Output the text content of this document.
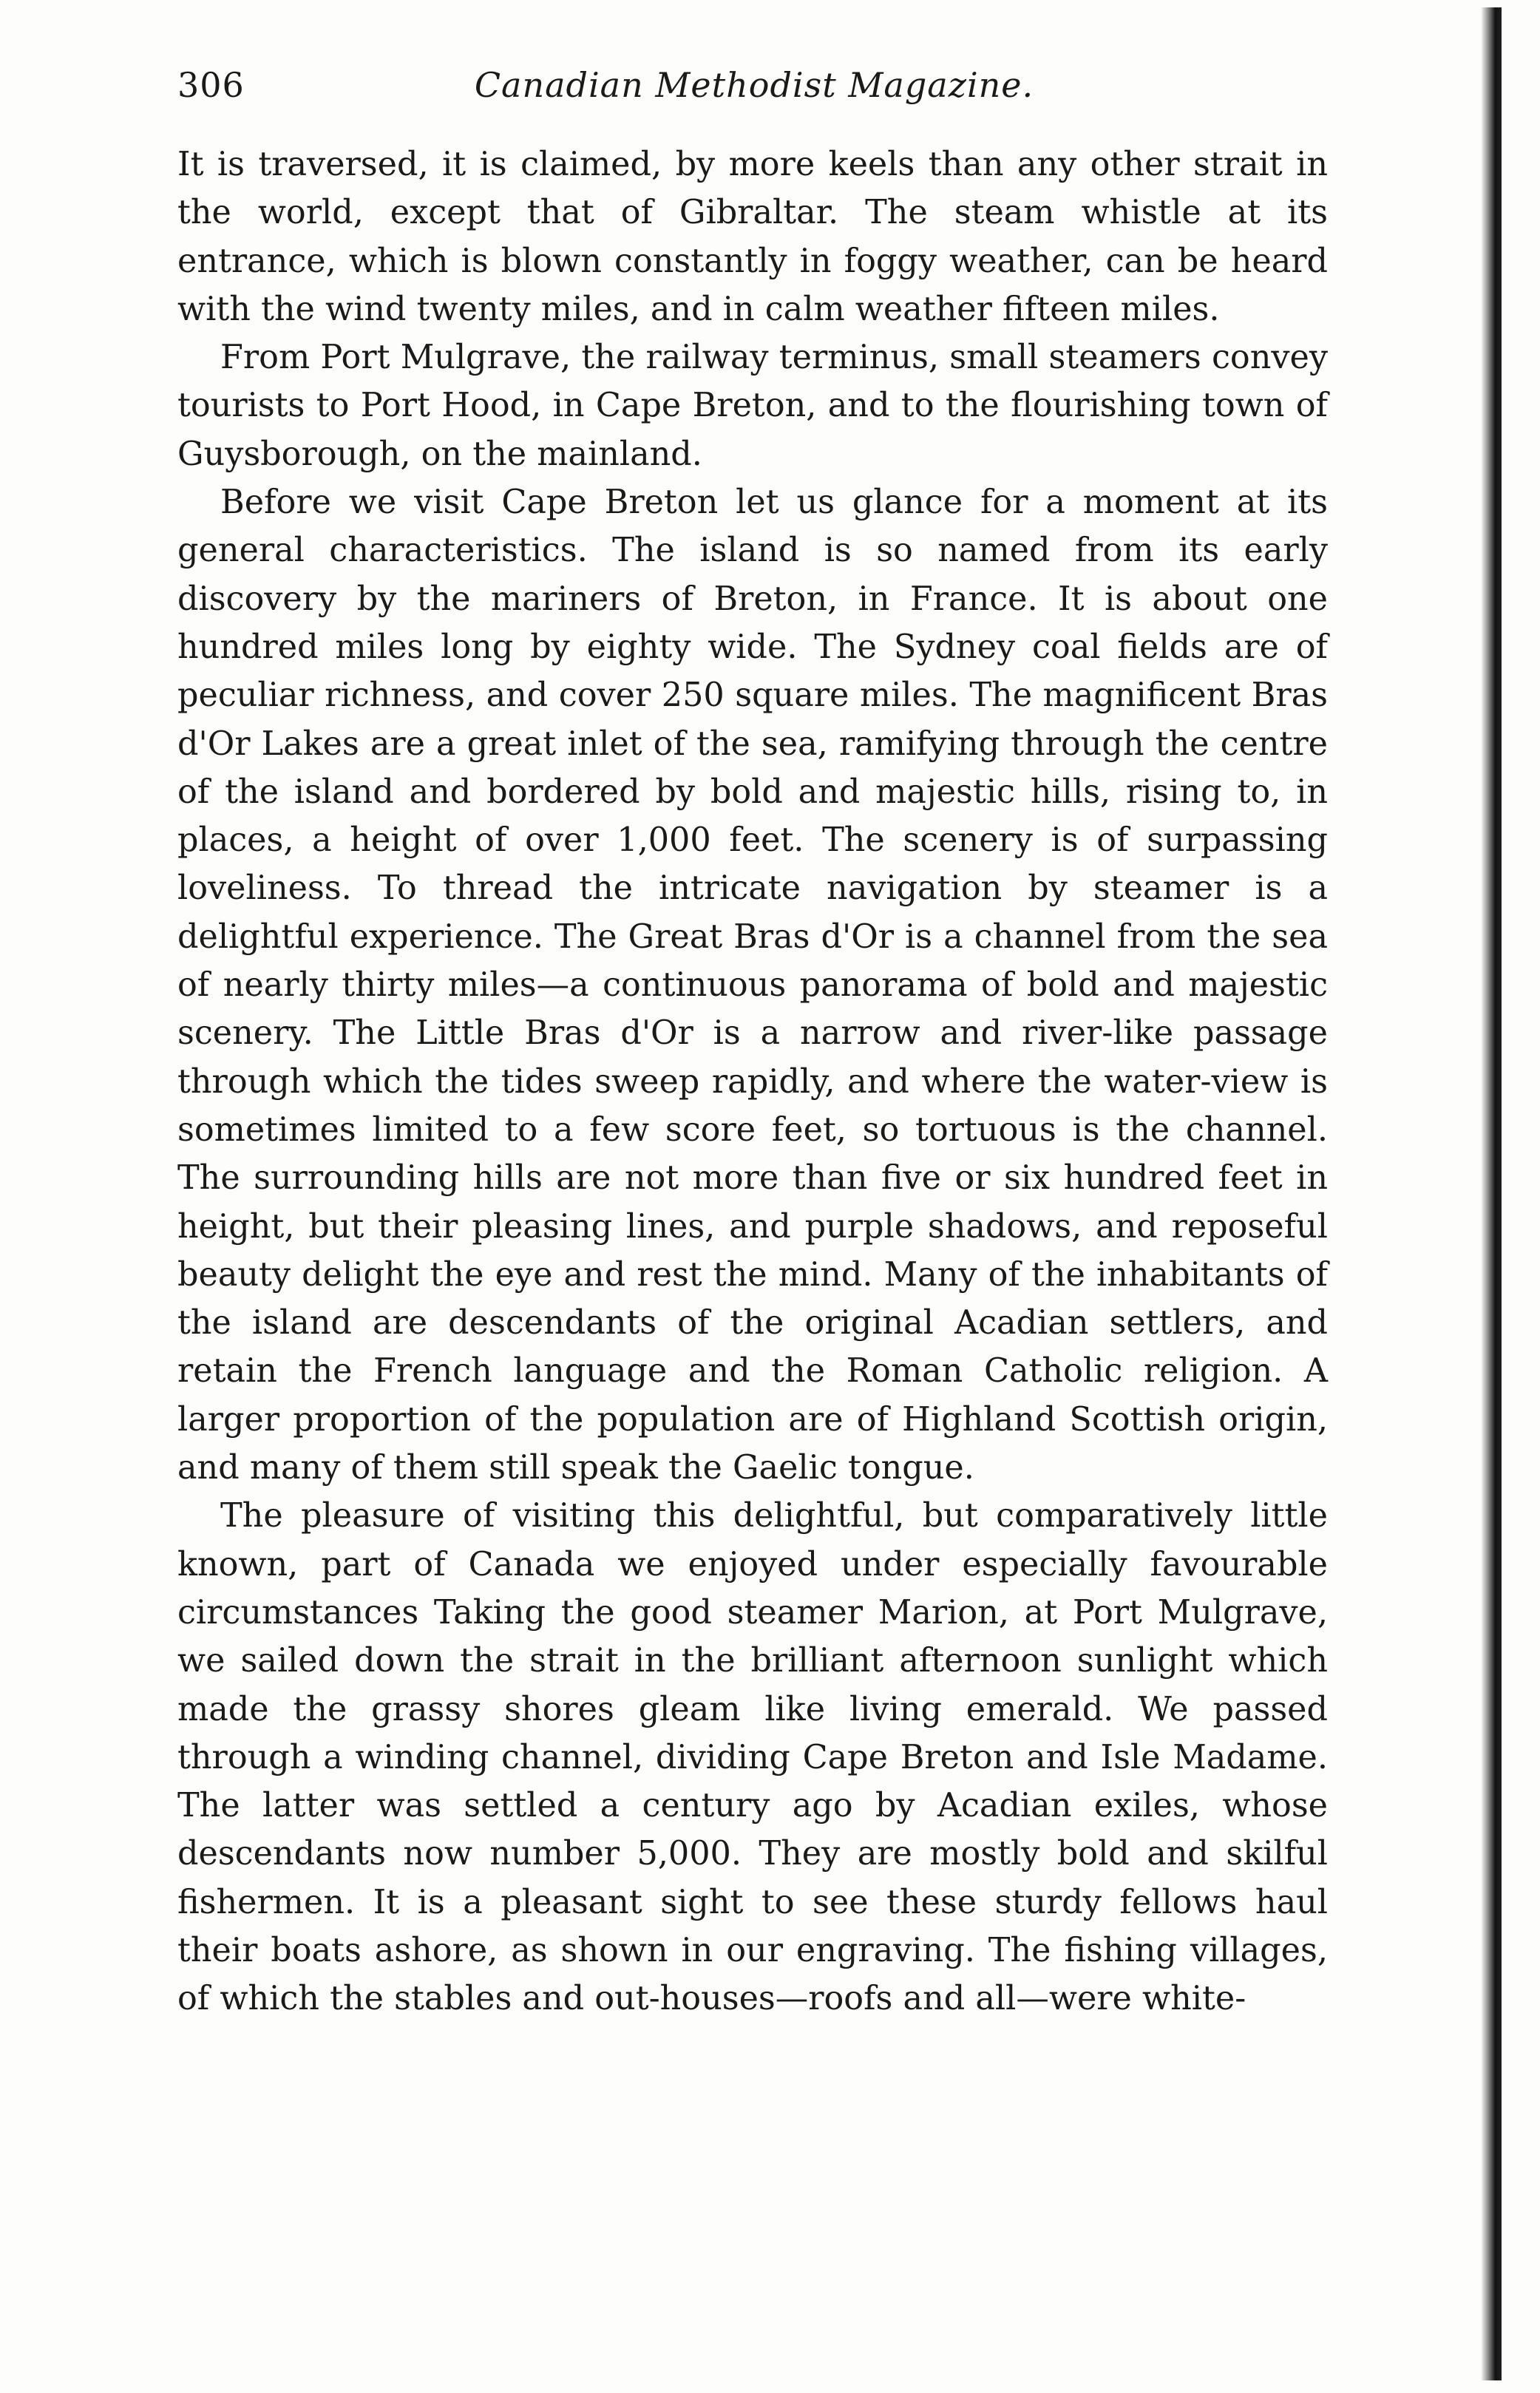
306	Canadian Methodist Magazine.

It is traversed, it is claimed, by more keels than any other strait in the world, except that of Gibraltar. The steam whistle at its entrance, which is blown constantly in foggy weather, can be heard with the wind twenty miles, and in calm weather fifteen miles.

From Port Mulgrave, the railway terminus, small steamers convey tourists to Port Hood, in Cape Breton, and to the flourishing town of Guysborough, on the mainland.

Before we visit Cape Breton let us glance for a moment at its general characteristics. The island is so named from its early discovery by the mariners of Breton, in France. It is about one hundred miles long by eighty wide. The Sydney coal fields are of peculiar richness, and cover 250 square miles. The magnificent Bras d'Or Lakes are a great inlet of the sea, ramifying through the centre of the island and bordered by bold and majestic hills, rising to, in places, a height of over 1,000 feet. The scenery is of surpassing loveliness. To thread the intricate navigation by steamer is a delightful experience. The Great Bras d'Or is a channel from the sea of nearly thirty miles—a continuous panorama of bold and majestic scenery. The Little Bras d'Or is a narrow and river-like passage through which the tides sweep rapidly, and where the water-view is sometimes limited to a few score feet, so tortuous is the channel. The surrounding hills are not more than five or six hundred feet in height, but their pleasing lines, and purple shadows, and reposeful beauty delight the eye and rest the mind. Many of the inhabitants of the island are descendants of the original Acadian settlers, and retain the French language and the Roman Catholic religion. A larger proportion of the population are of Highland Scottish origin, and many of them still speak the Gaelic tongue.

The pleasure of visiting this delightful, but comparatively little known, part of Canada we enjoyed under especially favourable circumstances Taking the good steamer Marion, at Port Mulgrave, we sailed down the strait in the brilliant afternoon sunlight which made the grassy shores gleam like living emerald. We passed through a winding channel, dividing Cape Breton and Isle Madame. The latter was settled a century ago by Acadian exiles, whose descendants now number 5,000. They are mostly bold and skilful fishermen. It is a pleasant sight to see these sturdy fellows haul their boats ashore, as shown in our engraving. The fishing villages, of which the stables and out-houses—roofs and all—were white-
